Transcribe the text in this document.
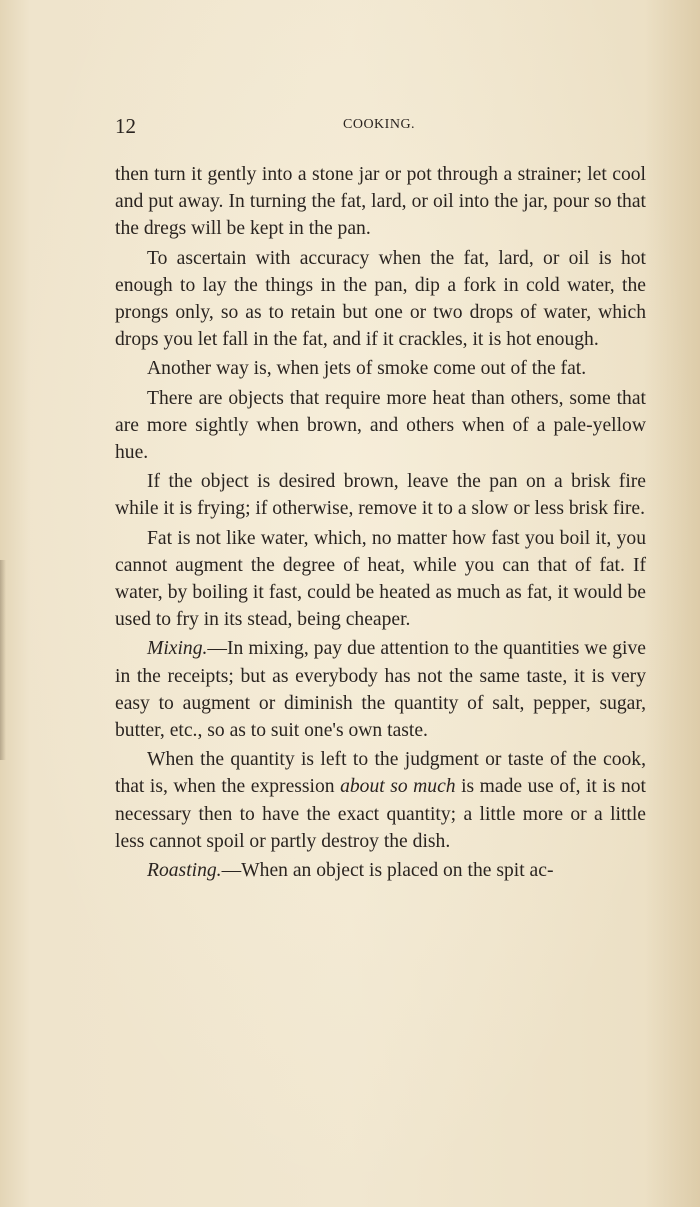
12	COOKING.

then turn it gently into a stone jar or pot through a strainer; let cool and put away. In turning the fat, lard, or oil into the jar, pour so that the dregs will be kept in the pan.

To ascertain with accuracy when the fat, lard, or oil is hot enough to lay the things in the pan, dip a fork in cold water, the prongs only, so as to retain but one or two drops of water, which drops you let fall in the fat, and if it crackles, it is hot enough.

Another way is, when jets of smoke come out of the fat.

There are objects that require more heat than others, some that are more sightly when brown, and others when of a pale-yellow hue.

If the object is desired brown, leave the pan on a brisk fire while it is frying; if otherwise, remove it to a slow or less brisk fire.

Fat is not like water, which, no matter how fast you boil it, you cannot augment the degree of heat, while you can that of fat. If water, by boiling it fast, could be heated as much as fat, it would be used to fry in its stead, being cheaper.

Mixing.—In mixing, pay due attention to the quantities we give in the receipts; but as everybody has not the same taste, it is very easy to augment or diminish the quantity of salt, pepper, sugar, butter, etc., so as to suit one's own taste.

When the quantity is left to the judgment or taste of the cook, that is, when the expression about so much is made use of, it is not necessary then to have the exact quantity; a little more or a little less cannot spoil or partly destroy the dish.

Roasting.—When an object is placed on the spit ac-
